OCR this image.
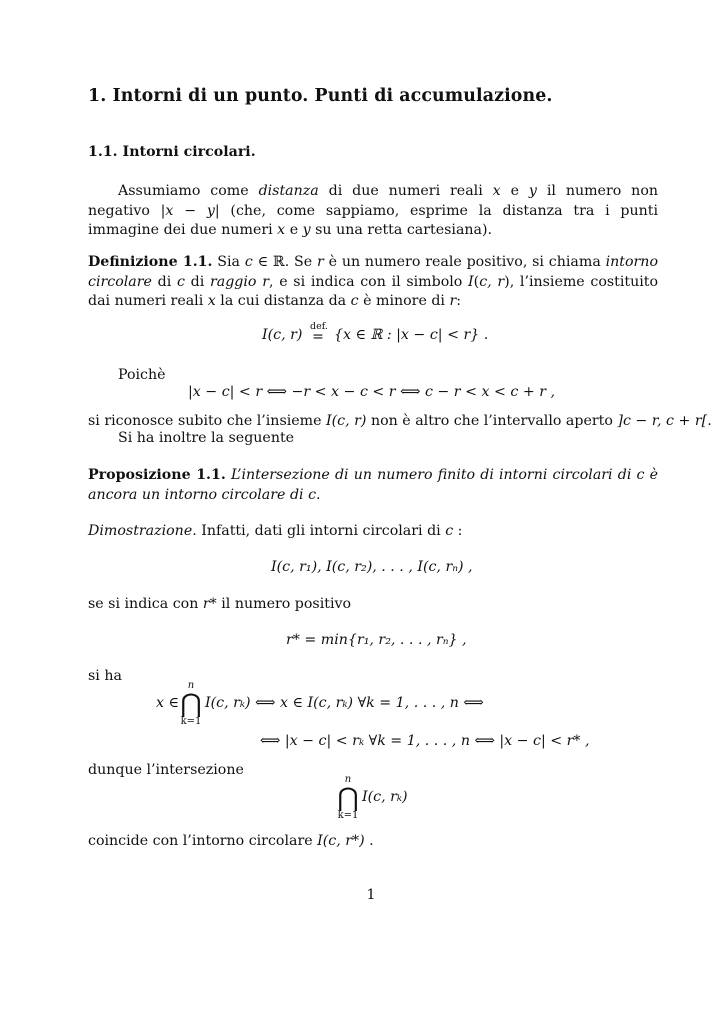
1. Intorni di un punto. Punti di accumulazione.
1.1. Intorni circolari.
Assumiamo come distanza di due numeri reali x e y il numero non negativo |x − y| (che, come sappiamo, esprime la distanza tra i punti immagine dei due numeri x e y su una retta cartesiana).
Definizione 1.1. Sia c ∈ ℝ. Se r è un numero reale positivo, si chiama intorno circolare di c di raggio r, e si indica con il simbolo I(c, r), l’insieme costituito dai numeri reali x la cui distanza da c è minore di r:
I(c, r)
def.
= {x ∈ ℝ : |x − c| < r} .
Poichè
|x − c| < r ⟺ −r < x − c < r ⟺ c − r < x < c + r ,
si riconosce subito che l’insieme I(c, r) non è altro che l’intervallo aperto ]c − r, c + r[.
Si ha inoltre la seguente
Proposizione 1.1. L’intersezione di un numero finito di intorni circolari di c è ancora un intorno circolare di c.
Dimostrazione. Infatti, dati gli intorni circolari di c :
I(c, r₁), I(c, r₂), . . . , I(c, rₙ) ,
se si indica con r* il numero positivo
r* = min{r₁, r₂, . . . , rₙ} ,
si ha
x ∈
n
⋂
k=1
I(c, rₖ) ⟺ x ∈ I(c, rₖ) ∀k = 1, . . . , n ⟺
⟺ |x − c| < rₖ ∀k = 1, . . . , n ⟺ |x − c| < r* ,
dunque l’intersezione
n
⋂
k=1
I(c, rₖ)
coincide con l’intorno circolare I(c, r*) .
1
